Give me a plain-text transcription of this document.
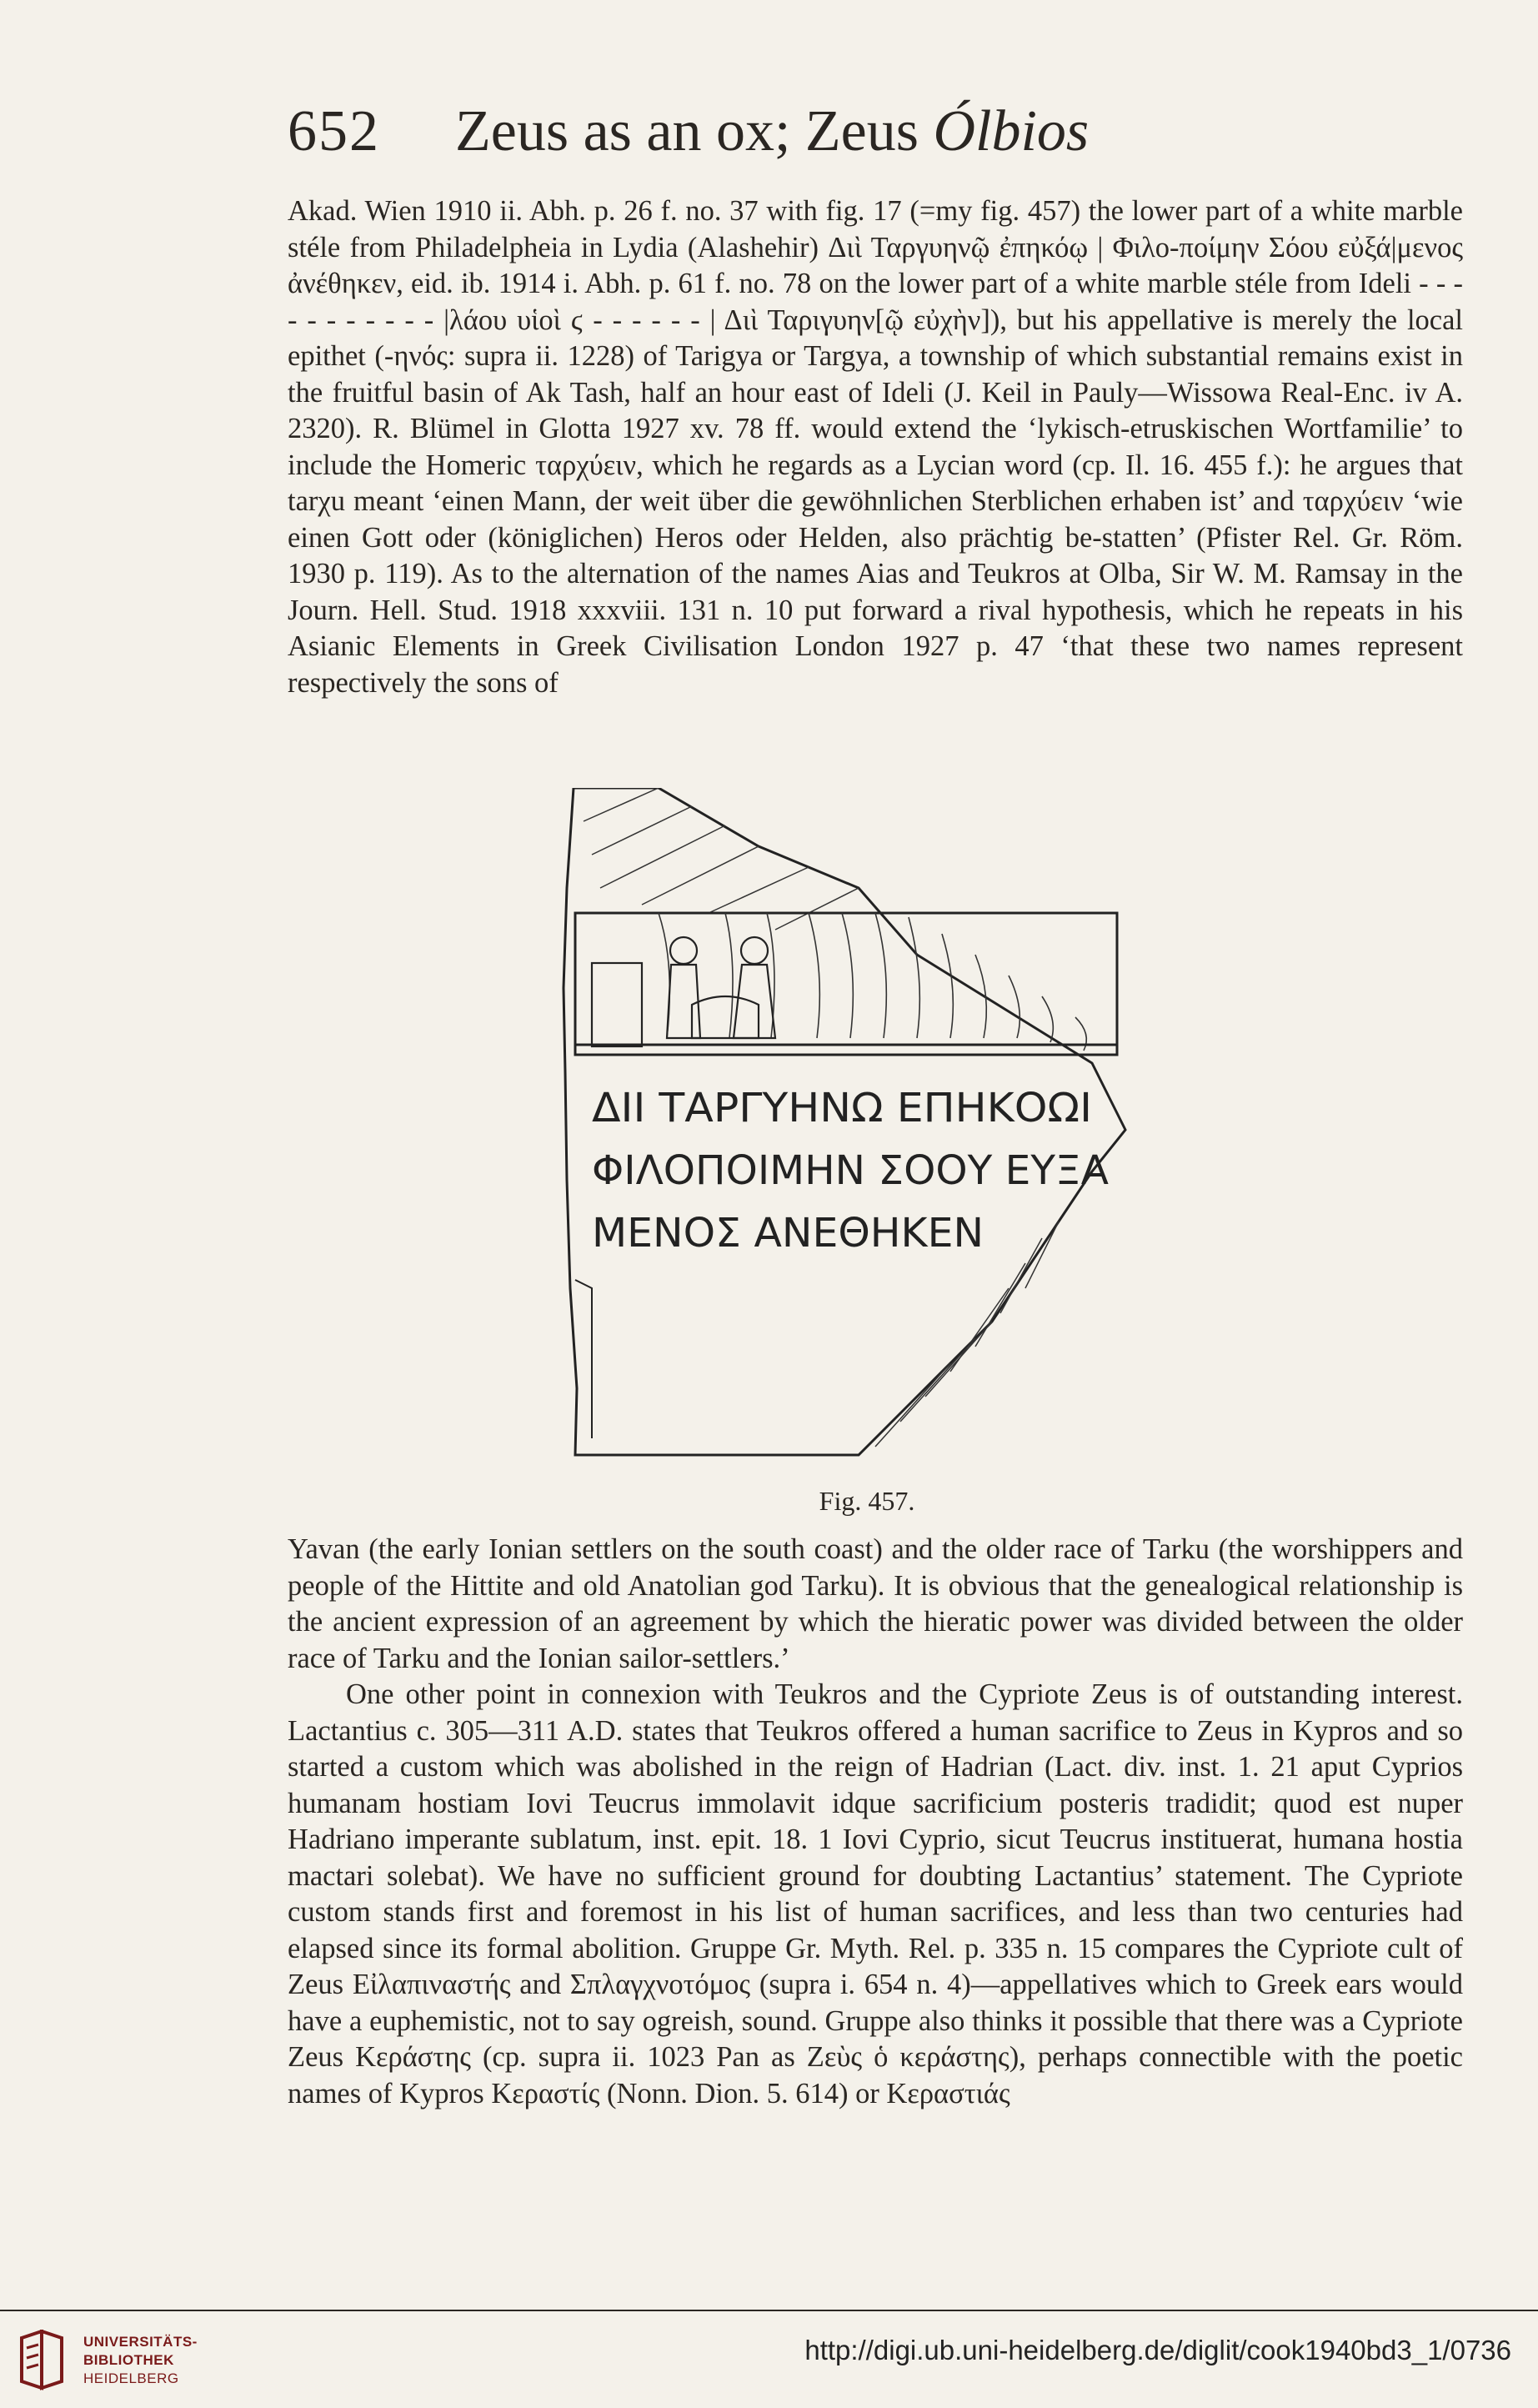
652 Zeus as an ox; Zeus Ólbios

Akad. Wien 1910 ii. Abh. p. 26 f. no. 37 with fig. 17 (=my fig. 457) the lower part of a white marble stéle from Philadelpheia in Lydia (Alashehir) Διὶ Ταργυηνῷ ἐπηκόῳ | Φιλο-ποίμην Σόου εὐξά|μενος ἀνέθηκεν, eid. ib. 1914 i. Abh. p. 61 f. no. 78 on the lower part of a white marble stéle from Ideli - - - - - - - - - - - |λάου υἱοὶ ϛ - - - - - - | Διὶ Ταριγυην[ῷ εὐχὴν]), but his appellative is merely the local epithet (-ηνός: supra ii. 1228) of Tarigya or Targya, a township of which substantial remains exist in the fruitful basin of Ak Tash, half an hour east of Ideli (J. Keil in Pauly—Wissowa Real-Enc. iv A. 2320). R. Blümel in Glotta 1927 xv. 78 ff. would extend the ‘lykisch-etruskischen Wortfamilie’ to include the Homeric ταρχύειν, which he regards as a Lycian word (cp. Il. 16. 455 f.): he argues that tarχu meant ‘einen Mann, der weit über die gewöhnlichen Sterblichen erhaben ist’ and ταρχύειν ‘wie einen Gott oder (königlichen) Heros oder Helden, also prächtig be-statten’ (Pfister Rel. Gr. Röm. 1930 p. 119). As to the alternation of the names Aias and Teukros at Olba, Sir W. M. Ramsay in the Journ. Hell. Stud. 1918 xxxviii. 131 n. 10 put forward a rival hypothesis, which he repeats in his Asianic Elements in Greek Civilisation London 1927 p. 47 ‘that these two names represent respectively the sons of

ΔΙΙ ΤΑΡΓΥΗΝΩ ΕΠΗΚΟΩΙ
ΦΙΛΟΠΟΙΜΗΝ ΣΟΟΥ ΕΥΞΑ
ΜΕΝΟΣ ΑΝΕΘΗΚΕΝ
Fig. 457.

Yavan (the early Ionian settlers on the south coast) and the older race of Tarku (the worshippers and people of the Hittite and old Anatolian god Tarku). It is obvious that the genealogical relationship is the ancient expression of an agreement by which the hieratic power was divided between the older race of Tarku and the Ionian sailor-settlers.’

One other point in connexion with Teukros and the Cypriote Zeus is of outstanding interest. Lactantius c. 305—311 A.D. states that Teukros offered a human sacrifice to Zeus in Kypros and so started a custom which was abolished in the reign of Hadrian (Lact. div. inst. 1. 21 aput Cyprios humanam hostiam Iovi Teucrus immolavit idque sacrificium posteris tradidit; quod est nuper Hadriano imperante sublatum, inst. epit. 18. 1 Iovi Cyprio, sicut Teucrus instituerat, humana hostia mactari solebat). We have no sufficient ground for doubting Lactantius’ statement. The Cypriote custom stands first and foremost in his list of human sacrifices, and less than two centuries had elapsed since its formal abolition. Gruppe Gr. Myth. Rel. p. 335 n. 15 compares the Cypriote cult of Zeus Εἰλαπιναστής and Σπλαγχνοτόμος (supra i. 654 n. 4)—appellatives which to Greek ears would have a euphemistic, not to say ogreish, sound. Gruppe also thinks it possible that there was a Cypriote Zeus Κεράστης (cp. supra ii. 1023 Pan as Ζεὺς ὁ κεράστης), perhaps connectible with the poetic names of Kypros Κεραστίς (Nonn. Dion. 5. 614) or Κεραστιάς

UNIVERSITÄTS-
BIBLIOTHEK
HEIDELBERG
http://digi.ub.uni-heidelberg.de/diglit/cook1940bd3_1/0736
